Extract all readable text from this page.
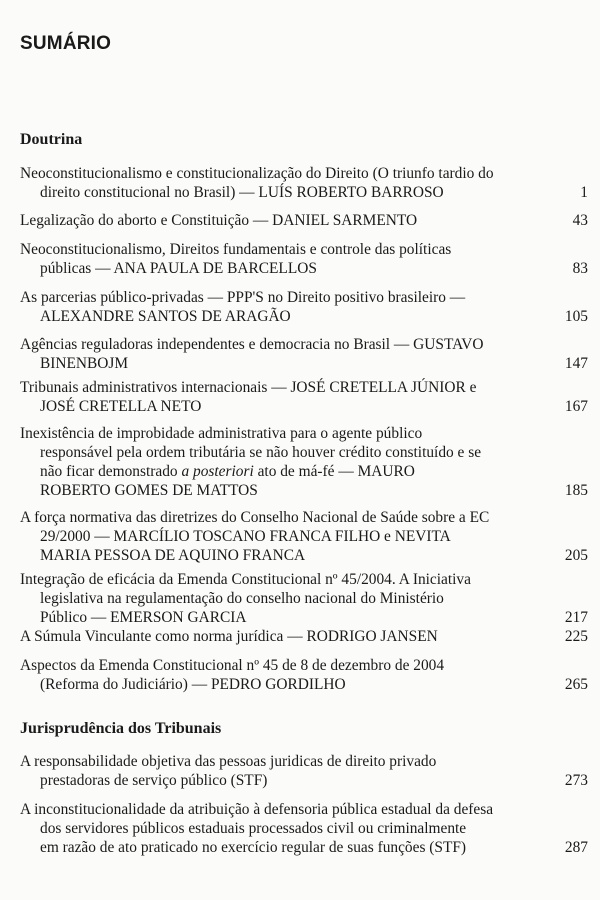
SUMÁRIO
Doutrina
Neoconstitucionalismo e constitucionalização do Direito (O triunfo tardio do
direito constitucional no Brasil) — LUÍS ROBERTO BARROSO	1
Legalização do aborto e Constituição — DANIEL SARMENTO	43
Neoconstitucionalismo, Direitos fundamentais e controle das políticas
públicas — ANA PAULA DE BARCELLOS	83
As parcerias público-privadas — PPP'S no Direito positivo brasileiro —
ALEXANDRE SANTOS DE ARAGÃO	105
Agências reguladoras independentes e democracia no Brasil — GUSTAVO
BINENBOJM	147
Tribunais administrativos internacionais — JOSÉ CRETELLA JÚNIOR e
JOSÉ CRETELLA NETO	167
Inexistência de improbidade administrativa para o agente público
responsável pela ordem tributária se não houver crédito constituído e se
não ficar demonstrado a posteriori ato de má-fé — MAURO
ROBERTO GOMES DE MATTOS	185
A força normativa das diretrizes do Conselho Nacional de Saúde sobre a EC
29/2000 — MARCÍLIO TOSCANO FRANCA FILHO e NEVITA
MARIA PESSOA DE AQUINO FRANCA	205
Integração de eficácia da Emenda Constitucional nº 45/2004. A Iniciativa
legislativa na regulamentação do conselho nacional do Ministério
Público — EMERSON GARCIA	217
A Súmula Vinculante como norma jurídica — RODRIGO JANSEN	225
Aspectos da Emenda Constitucional nº 45 de 8 de dezembro de 2004
(Reforma do Judiciário) — PEDRO GORDILHO	265
Jurisprudência dos Tribunais
A responsabilidade objetiva das pessoas juridicas de direito privado
prestadoras de serviço público (STF)	273
A inconstitucionalidade da atribuição à defensoria pública estadual da defesa
dos servidores públicos estaduais processados civil ou criminalmente
em razão de ato praticado no exercício regular de suas funções (STF)	287
